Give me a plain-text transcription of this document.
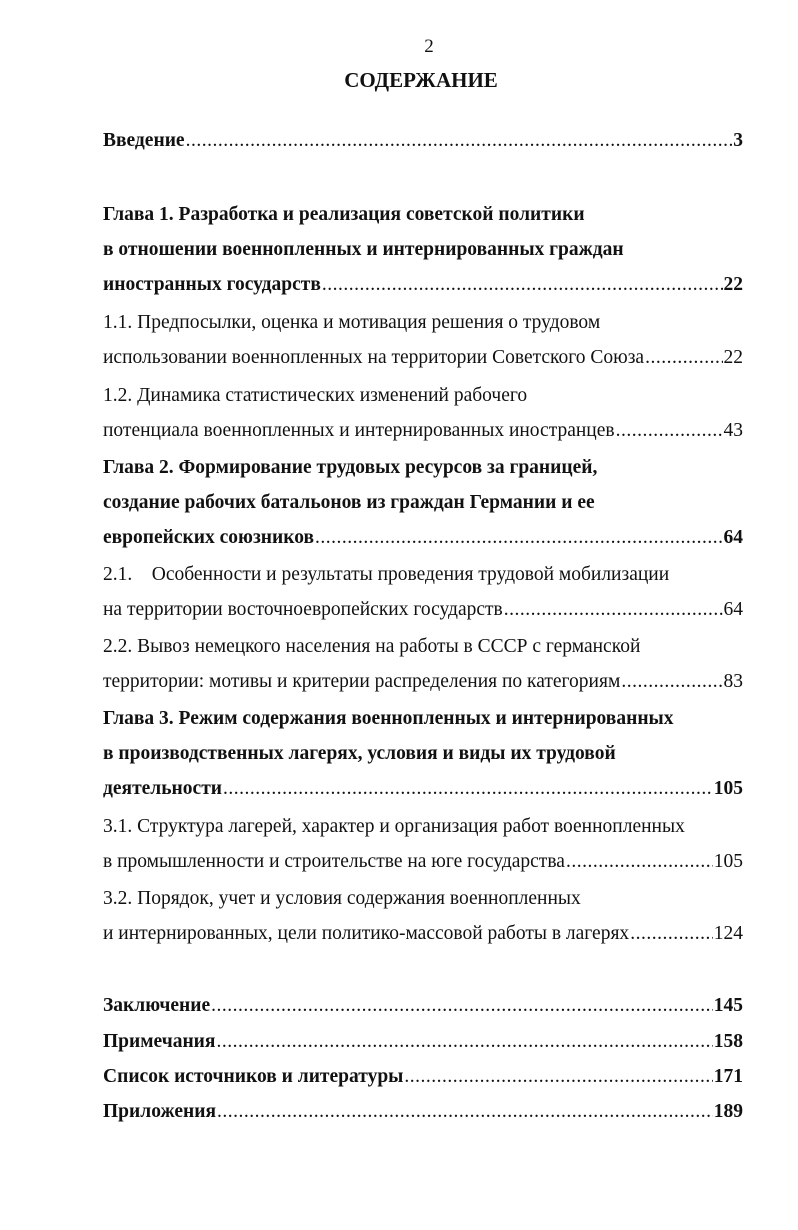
2
СОДЕРЖАНИЕ
Введение .....	3
Глава 1. Разработка и реализация советской политики
в отношении военнопленных и интернированных граждан
иностранных государств .....	22
1.1. Предпосылки, оценка и мотивация решения о трудовом
использовании военнопленных на территории Советского Союза .....	22
1.2. Динамика статистических изменений рабочего
потенциала военнопленных и интернированных иностранцев .....	43
Глава 2. Формирование трудовых ресурсов за границей,
создание рабочих батальонов из граждан Германии и ее
европейских союзников .....	64
2.1.    Особенности и результаты проведения трудовой мобилизации
на территории восточноевропейских государств .....	64
2.2. Вывоз немецкого населения на работы в СССР с германской
территории: мотивы и критерии распределения по категориям .....	83
Глава 3. Режим содержания военнопленных и интернированных
в производственных лагерях, условия и виды их трудовой
деятельности .....	105
3.1. Структура лагерей, характер и организация работ военнопленных
в промышленности и строительстве на юге государства .....	105
3.2. Порядок, учет и условия содержания военнопленных
и интернированных, цели политико-массовой работы в лагерях .....	124
Заключение .....	145
Примечания .....	158
Список источников и литературы .....	171
Приложения .....	189
